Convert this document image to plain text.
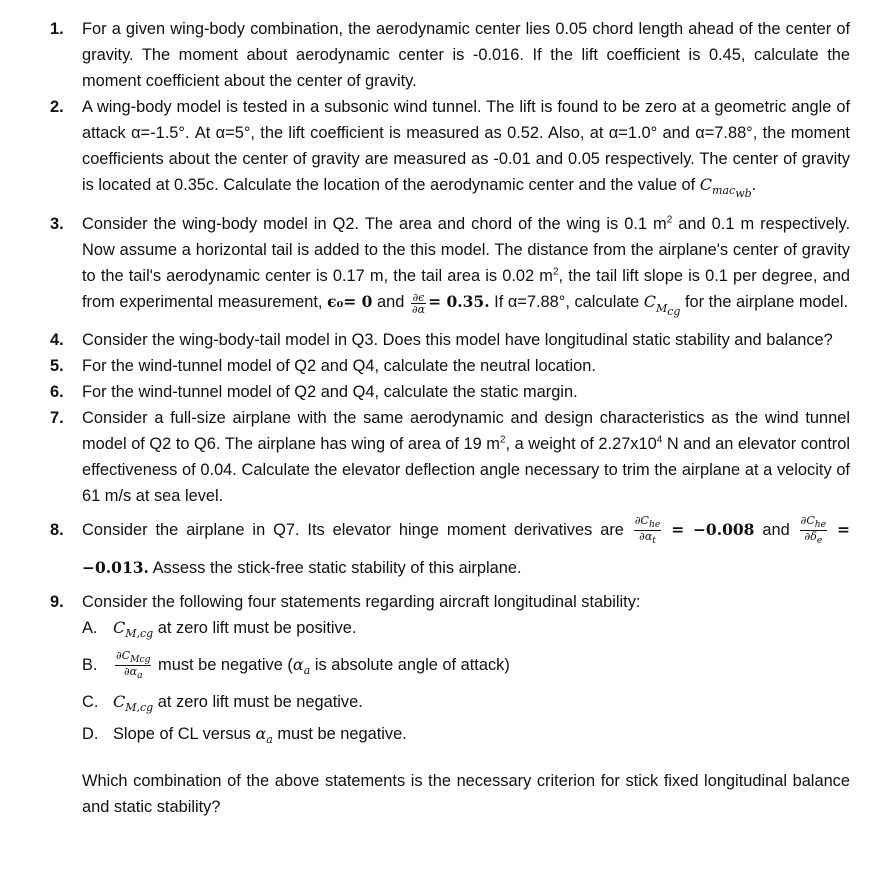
1. For a given wing-body combination, the aerodynamic center lies 0.05 chord length ahead of the center of gravity. The moment about aerodynamic center is -0.016. If the lift coefficient is 0.45, calculate the moment coefficient about the center of gravity.
2. A wing-body model is tested in a subsonic wind tunnel. The lift is found to be zero at a geometric angle of attack α=-1.5°. At α=5°, the lift coefficient is measured as 0.52. Also, at α=1.0° and α=7.88°, the moment coefficients about the center of gravity are measured as -0.01 and 0.05 respectively. The center of gravity is located at 0.35c. Calculate the location of the aerodynamic center and the value of $C_{mac_{wb}}$.
3. Consider the wing-body model in Q2. The area and chord of the wing is 0.1 $m^2$ and 0.1 m respectively. Now assume a horizontal tail is added to the this model. The distance from the airplane's center of gravity to the tail's aerodynamic center is 0.17 m, the tail area is 0.02 $m^2$, the tail lift slope is 0.1 per degree, and from experimental measurement, ϵ₀= 0 and $\frac{\partial\epsilon}{\partial\alpha} = 0.35$. If α=7.88°, calculate $C_{M_{cg}}$ for the airplane model.
4. Consider the wing-body-tail model in Q3. Does this model have longitudinal static stability and balance?
5. For the wind-tunnel model of Q2 and Q4, calculate the neutral location.
6. For the wind-tunnel model of Q2 and Q4, calculate the static margin.
7. Consider a full-size airplane with the same aerodynamic and design characteristics as the wind tunnel model of Q2 to Q6. The airplane has wing of area of 19 $m^2$, a weight of $2.27x10^4$ N and an elevator control effectiveness of 0.04. Calculate the elevator deflection angle necessary to trim the airplane at a velocity of 61 m/s at sea level.
8. Consider the airplane in Q7. Its elevator hinge moment derivatives are $\frac{\partial C_{he}}{\partial\alpha_t} = -0.008$ and $\frac{\partial C_{he}}{\partial\delta_e} = -0.013$. Assess the stick-free static stability of this airplane.
9. Consider the following four statements regarding aircraft longitudinal stability:
A. $C_{M,cg}$ at zero lift must be positive.
B. $\frac{\partial C_{Mcg}}{\partial\alpha_a}$ must be negative ($\alpha_a$ is absolute angle of attack)
C. $C_{M,cg}$ at zero lift must be negative.
D. Slope of CL versus $\alpha_a$ must be negative.
Which combination of the above statements is the necessary criterion for stick fixed longitudinal balance and static stability?
